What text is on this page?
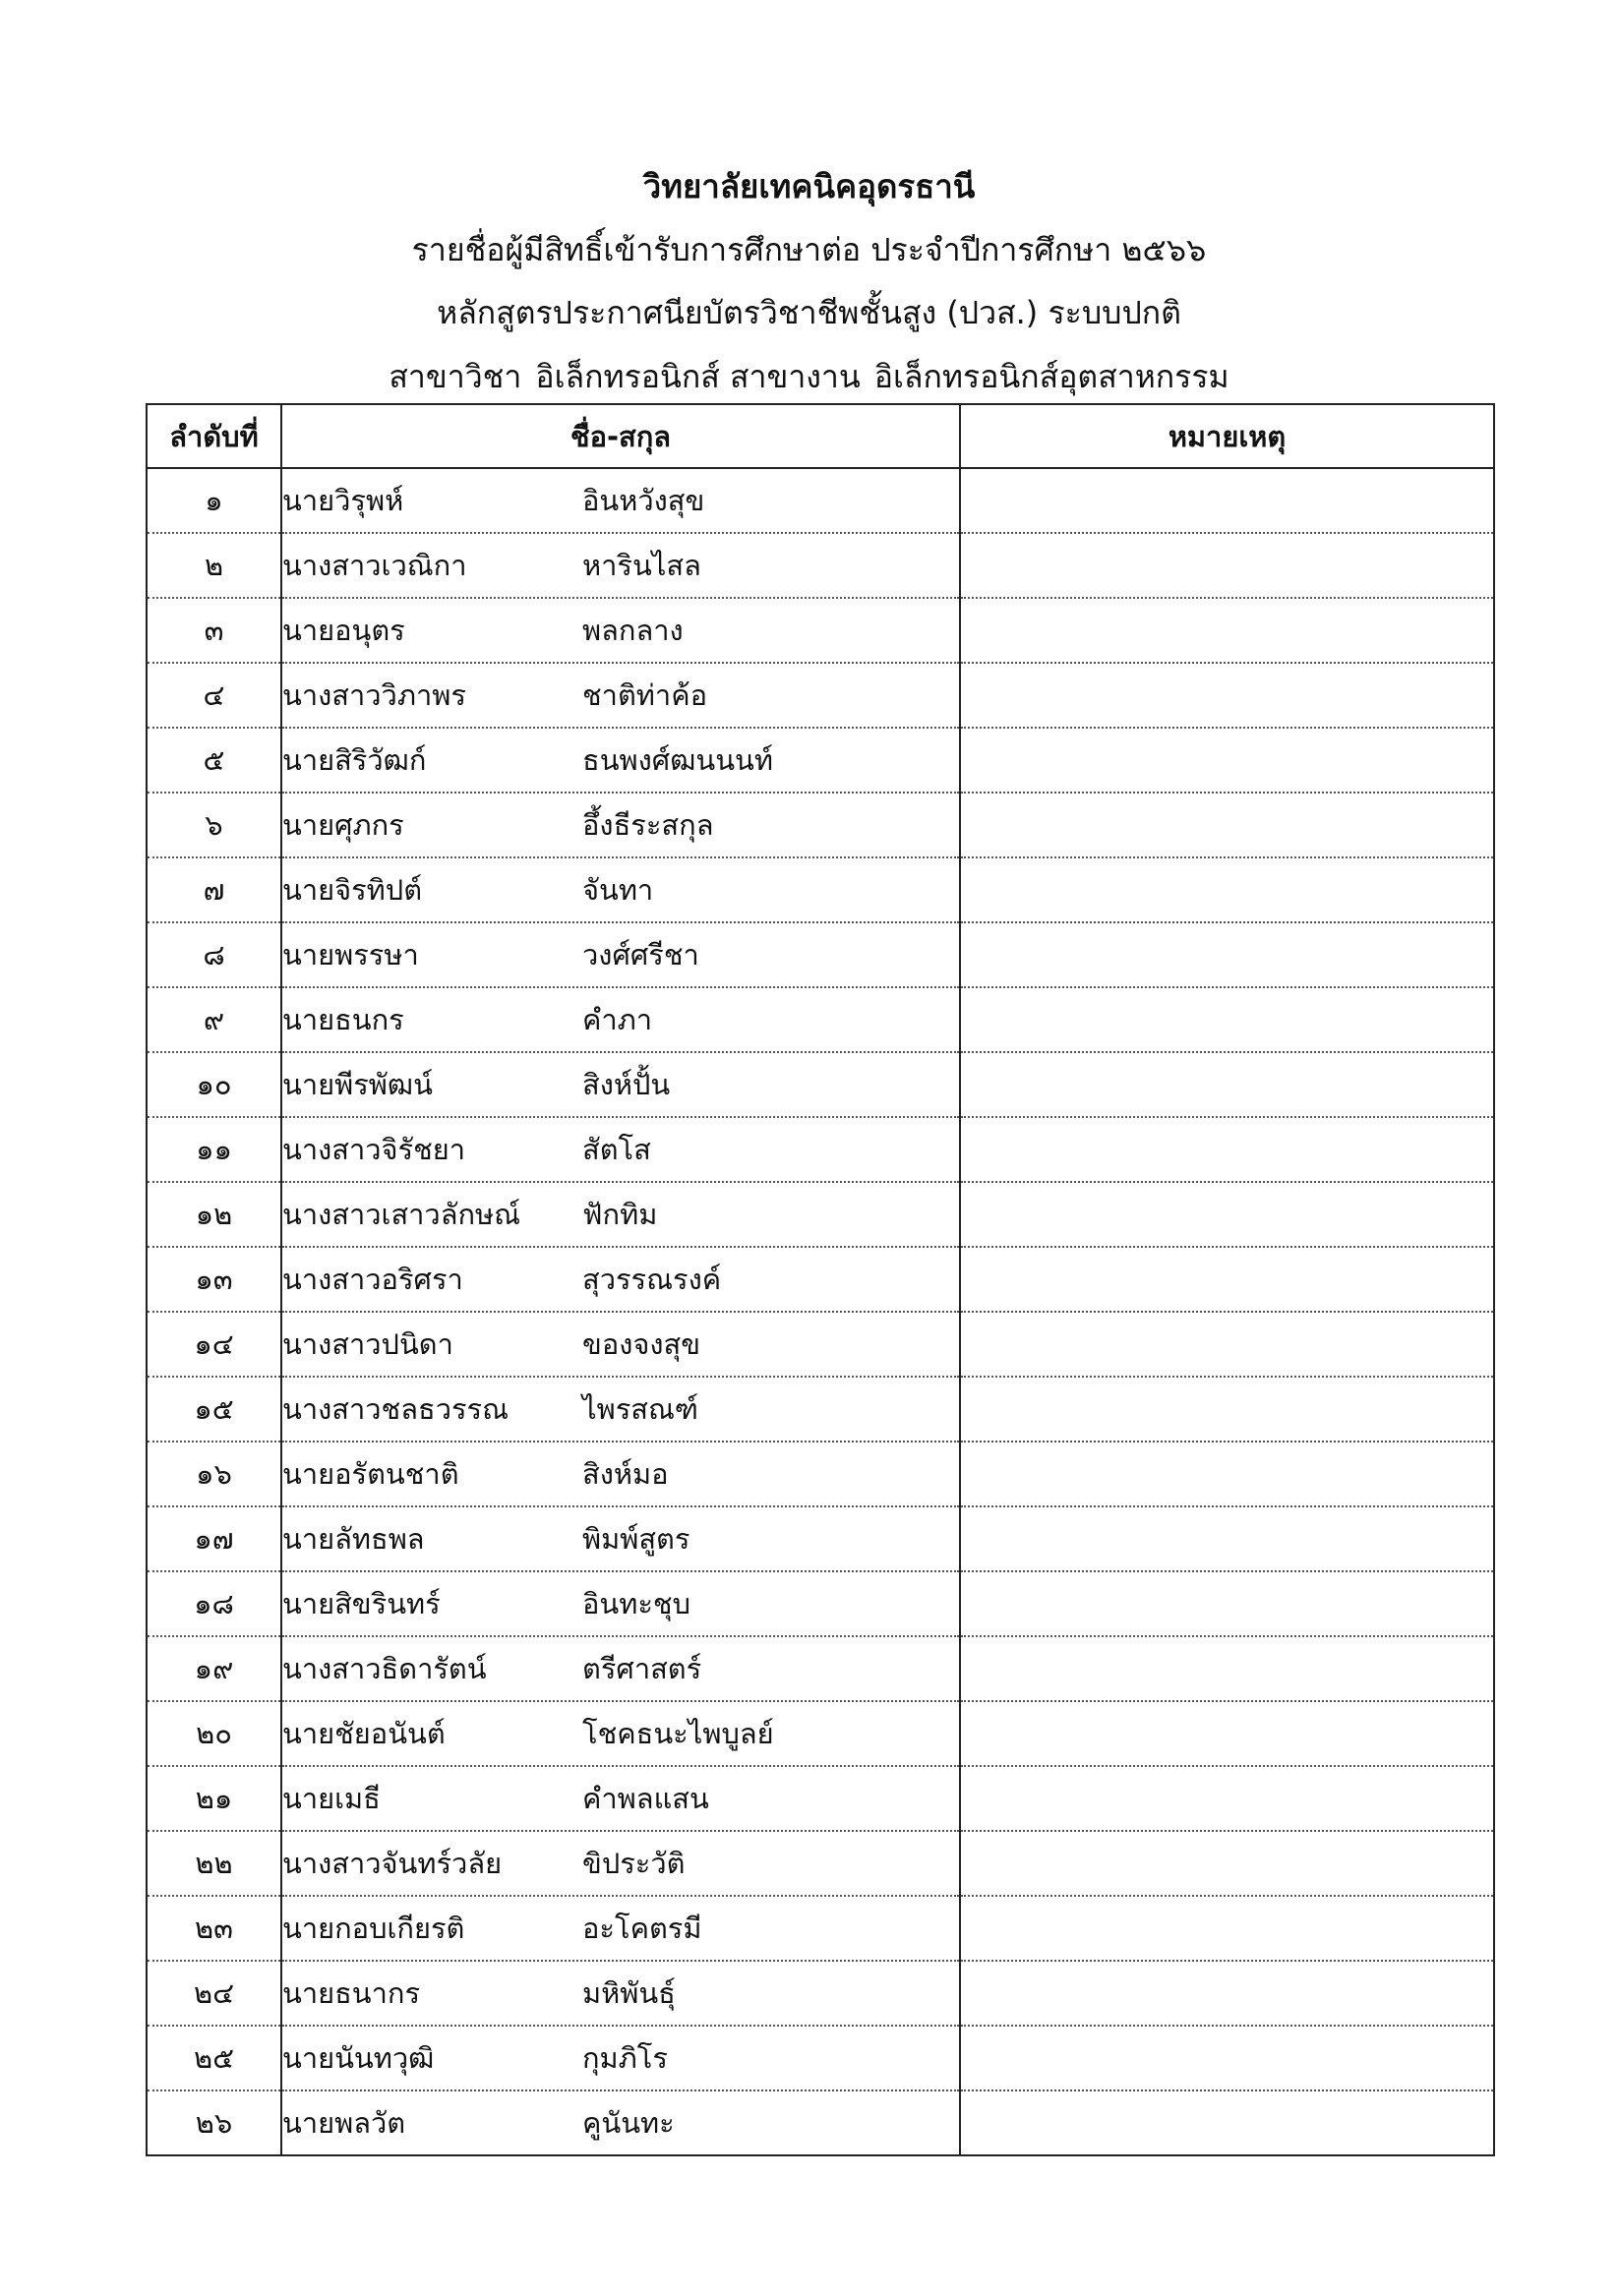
วิทยาลัยเทคนิคอุดรธานี
รายชื่อผู้มีสิทธิ์เข้ารับการศึกษาต่อ ประจำปีการศึกษา ๒๕๖๖
หลักสูตรประกาศนียบัตรวิชาชีพชั้นสูง (ปวส.) ระบบปกติ
สาขาวิชา อิเล็กทรอนิกส์ สาขางาน อิเล็กทรอนิกส์อุตสาหกรรม
ลำดับที่	ชื่อ-สกุล	หมายเหตุ
๑	นายวิรุพห์ อินหวังสุข	
๒	นางสาวเวณิกา หารินไสล	
๓	นายอนุตร พลกลาง	
๔	นางสาววิภาพร ชาติท่าค้อ	
๕	นายสิริวัฒก์ ธนพงศ์ฒนนนท์	
๖	นายศุภกร อึ้งธีระสกุล	
๗	นายจิรทิปต์ จันทา	
๘	นายพรรษา วงศ์ศรีชา	
๙	นายธนกร คำภา	
๑๐	นายพีรพัฒน์ สิงห์ปั้น	
๑๑	นางสาวจิรัชยา สัตโส	
๑๒	นางสาวเสาวลักษณ์ ฟักทิม	
๑๓	นางสาวอริศรา สุวรรณรงค์	
๑๔	นางสาวปนิดา ของจงสุข	
๑๕	นางสาวชลธวรรณ ไพรสณฑ์	
๑๖	นายอรัตนชาติ สิงห์มอ	
๑๗	นายลัทธพล พิมพ์สูตร	
๑๘	นายสิขรินทร์ อินทะชุบ	
๑๙	นางสาวธิดารัตน์ ตรีศาสตร์	
๒๐	นายชัยอนันต์ โชคธนะไพบูลย์	
๒๑	นายเมธี คำพลแสน	
๒๒	นางสาวจันทร์วลัย ขิประวัติ	
๒๓	นายกอบเกียรติ อะโคตรมี	
๒๔	นายธนากร มหิพันธุ์	
๒๕	นายนันทวุฒิ กุมภิโร	
๒๖	นายพลวัต คูนันทะ	
